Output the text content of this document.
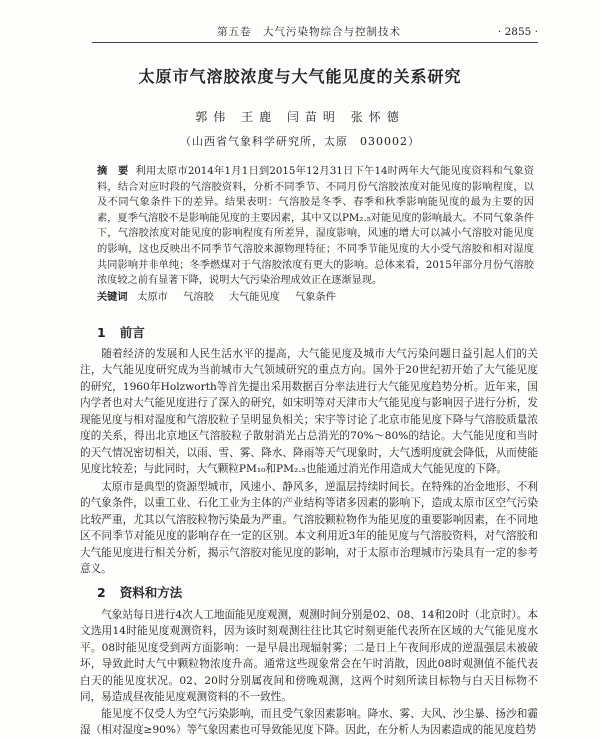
第五卷　大气污染物综合与控制技术	· 2855 ·
太原市气溶胶浓度与大气能见度的关系研究
郭伟 王鹿 闫苗明 张怀德
（山西省气象科学研究所，太原　030002）
摘　要 利用太原市2014年1月1日到2015年12月31日下午14时两年大气能见度资料和气象资料，结合对应时段的气溶胶资料，分析不同季节、不同月份气溶胶浓度对能见度的影响程度，以及不同气象条件下的差异。结果表明：气溶胶是冬季、春季和秋季影响能见度的最为主要的因素，夏季气溶胶不是影响能见度的主要因素，其中又以PM₂.₅对能见度的影响最大。不同气象条件下，气溶胶浓度对能见度的影响程度有所差异，湿度影响，风速的增大可以减小气溶胶对能见度的影响，这也反映出不同季节气溶胶来源物理特征；不同季节能见度的大小受气溶胶和相对湿度共同影响并非单纯；冬季燃煤对于气溶胶浓度有更大的影响。总体来看，2015年部分月份气溶胶浓度较之前有显著下降，说明大气污染治理成效正在逐渐显现。
关键词 太原市 气溶胶 大气能见度 气象条件
1 前言

随着经济的发展和人民生活水平的提高，大气能见度及城市大气污染问题日益引起人们的关注，大气能见度研究成为当前城市大气领域研究的重点方向。国外于20世纪初开始了大气能见度的研究，1960年Holzworth等首先提出采用数据百分率法进行大气能见度趋势分析。近年来，国内学者也对大气能见度进行了深入的研究，如宋明等对天津市大气能见度与影响因子进行分析，发现能见度与相对湿度和气溶胶粒子呈明显负相关；宋宇等讨论了北京市能见度下降与气溶胶质量浓度的关系，得出北京地区气溶胶粒子散射消光占总消光的70%～80%的结论。大气能见度和当时的天气情况密切相关，以雨、雪、雾、降水、降雨等天气现象时，大气透明度就会降低，从而使能见度比较差；与此同时，大气颗粒PM₁₀和PM₂.₅也能通过消光作用造成大气能见度的下降。

太原市是典型的资源型城市，风速小、静风多，逆温层持续时间长。在特殊的冶金地形、不利的气象条件，以重工业、石化工业为主体的产业结构等诸多因素的影响下，造成太原市区空气污染比较严重，尤其以气溶胶粒物污染最为严重。气溶胶颗粒物作为能见度的重要影响因素，在不同地区不同季节对能见度的影响存在一定的区别。本文利用近3年的能见度与气溶胶资料，对气溶胶和大气能见度进行相关分析，揭示气溶胶对能见度的影响，对于太原市治理城市污染具有一定的参考意义。

2 资料和方法

气象站每日进行4次人工地面能见度观测，观测时间分别是02、08、14和20时（北京时）。本文选用14时能见度观测资料，因为该时刻观测往往比其它时刻更能代表所在区域的大气能见度水平。08时能见度受到两方面影响：一是早晨出现辐射雾；二是日上午夜间形成的逆温强层未被破坏，导致此时大气中颗粒物浓度升高。通常这些现象常会在午时消散，因此08时观测值不能代表白天的能见度状况。02、20时分别属夜间和傍晚观测，这两个时刻所读目标物与白天目标物不同，易造成昼夜能见度观测资料的不一致性。

能见度不仅受人为空气污染影响，而且受气象因素影响。降水、雾、大风、沙尘暴、扬沙和霾湿（相对湿度≥90%）等气象因素也可导致能见度下降。因此，在分析人为因素造成的能见度趋势
